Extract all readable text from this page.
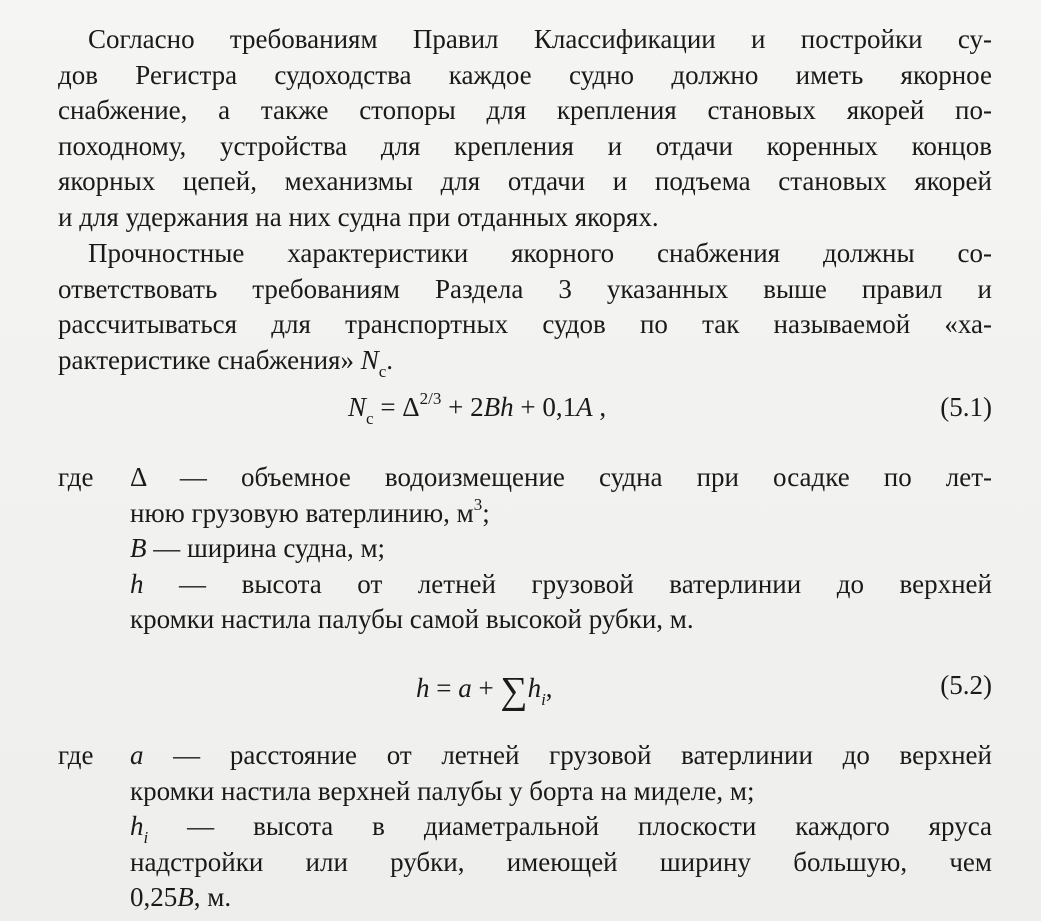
Согласно требованиям Правил Классификации и постройки су-
дов Регистра судоходства каждое судно должно иметь якорное
снабжение, а также стопоры для крепления становых якорей по-
походному, устройства для крепления и отдачи коренных концов
якорных цепей, механизмы для отдачи и подъема становых якорей
и для удержания на них судна при отданных якорях.
Прочностные характеристики якорного снабжения должны со-
ответствовать требованиям Раздела 3 указанных выше правил и
рассчитываться для транспортных судов по так называемой «ха-
рактеристике снабжения» $N_c$.
$N_c = \Delta^{2/3} + 2Bh + 0,1A$ ,	(5.1)
где Δ — объемное водоизмещение судна при осадке по лет-
нюю грузовую ватерлинию, $м^3$;
B — ширина судна, м;
h — высота от летней грузовой ватерлинии до верхней
кромки настила палубы самой высокой рубки, м.
$h = a + \sum h_i$,	(5.2)
где a — расстояние от летней грузовой ватерлинии до верхней
кромки настила верхней палубы у борта на миделе, м;
$h_i$ — высота в диаметральной плоскости каждого яруса
надстройки или рубки, имеющей ширину большую, чем
0,25B, м.
